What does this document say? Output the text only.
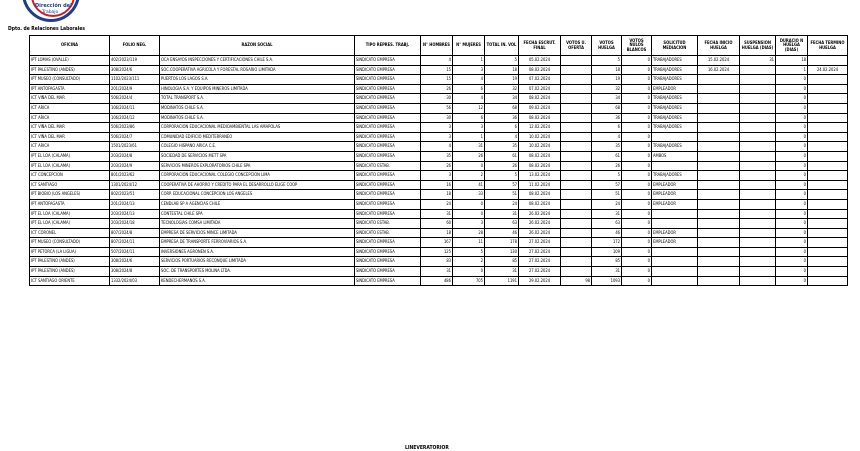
Dirección del
Trabajo
Dpto. de Relaciones Laborales
OFICINA	FOLIO NEG.	RAZON SOCIAL	TIPO REPRES. TRABJ.	N° HOMBRES	N° MUJERES	TOTAL IN. VOL	FECHA ESCRUT. FINAL	VOTOS U. OFERTA	VOTOS HUELGA	VOTOS NULOS BLANCOS	SOLICITUD MEDIACION	FECHA INICIO HUELGA	SUSPENSION HUELGA (DIAS)	DURACIO N HUELGA (DIAS)	FECHA TERMINO HUELGA
IPT LOMAS (OVALLE)	402/2023/119	OCA ENSAYOS INSPECCIONES Y CERTIFICACIONES CHILE S.A.	SINDICATO EMPRESA	4	1	5	05.02.2024		5	0	TRABAJADORES	15.02.2024	31	18	
IPT PALESTINO (ANDES)	308/2024/6	SOC.COOPERATIVA AGRICOLA Y FORESTAL ROSARIO LIMITADA	SINDICATO EMPRESA	15	3	18	08.02.2024		18	0	TRABAJADORES	16.02.2024		1	24.02.2024
IPT MUSEO (CONSULTADO)	1102/2023/111	PUERTOS LOS LAGOS S.A.	SINDICATO EMPRESA	15	4	19	07.02.2024		19	0	TRABAJADORES			0	
IPT ANTOFAGASTA	201/2024/9	HINOLOGIA S.A. Y EQUIPOS MINEROS LIMITADA	SINDICATO EMPRESA	26	6	32	07.02.2024		32	0	EMPLEADOR			0	
ICT VIÑA DEL MAR	506/2024/4	TOTAL TRANSPORT S.A.	SINDICATO EMPRESA	30	4	34	08.02.2024		34	0	TRABAJADORES			0	
ICT ARICA	106/2024/11	MODINATOS CHILE S.A.	SINDICATO EMPRESA	56	12	68	09.02.2024		68	0	TRABAJADORES			0	
ICT ARICA	106/2024/12	MODINATOS CHILE S.A.	SINDICATO EMPRESA	30	6	36	08.02.2024		36	0	TRABAJADORES			0	
ICT VIÑA DEL MAR	506/2023/86	CORPORACION EDUCACIONAL MEDIOAMBIENTAL LAS AMAPOLAS	SINDICATO EMPRESA	3	3	6	12.02.2024		6	0	TRABAJADORES			0	
ICT VIÑA DEL MAR	506/2024/7	COMUNIDAD EDIFICIO MEDITERRANEO	SINDICATO EMPRESA	3	1	4	10.02.2024		4	0				0	
ICT ARICA	1501/2023/61	COLEGIO HISPANO ARICA C.E.	SINDICATO EMPRESA	4	31	35	10.02.2024		35	0	TRABAJADORES			0	
IPT EL LOA (CALAMA)	203/2024/8	SOCIEDAD DE SERVICIOS METT SPA	SINDICATO EMPRESA	35	26	61	08.02.2024		61	0	AMBOS			0	
IPT EL LOA (CALAMA)	203/2024/9	SERVICIOS MINEROS EXPLORATORIOS CHILE SPA	SINDICATO ESTAB.	26	0	26	08.02.2024		26	0				0	
ICT CONCEPCION	801/2023/62	CORPORACION EDUCACIONAL COLEGIO CONCEPCION LIMA	SINDICATO EMPRESA	3	2	5	13.02.2024		5	0	TRABAJADORES			0	
ICT SANTIAGO	1301/2024/12	COOPERATIVA DE AHORRO Y CREDITO PARA EL DESARROLLO ELIGE COOP	SINDICATO EMPRESA	16	41	57	11.02.2024		57	0	EMPLEADOR			0	
IPT BIOBIO (LOS ANGELES)	802/2023/51	CORP. EDUCACIONAL CONCEPCION LOS ANGELES	SINDICATO EMPRESA	18	33	51	08.02.2024		51	0	EMPLEADOR			0	
IPT ANTOFAGASTA	201/2024/13	CENDLAB SP A AGENCIAS CHILE	SINDICATO EMPRESA	24	0	24	08.02.2024		24	0	EMPLEADOR			0	
IPT EL LOA (CALAMA)	203/2024/13	CONTESTAL CHILE SPA	SINDICATO EMPRESA	31	0	31	26.02.2024		31	0				0	
IPT EL LOA (CALAMA)	203/2024/18	TECNOLOGIAS COMSA LIMITADA	SINDICATO ESTAB.	60	3	63	26.02.2024		63	0				0	
ICT CORONEL	807/2024/8	EMPRESA DE SERVICIOS MINCE LIMITADA	SINDICATO ESTAB.	18	28	46	26.02.2024		46	0	EMPLEADOR			0	
IPT MUSEO (CONSULTADO)	807/2024/11	EMPRESA DE TRANSPORTE FERROVIARIOS S.A.	SINDICATO EMPRESA	167	11	178	27.02.2024		172	0	EMPLEADOR			0	
IPT PETORCA (LA LIGUA)	507/2024/11	INVERSIONES AGRONEN S.A.	SINDICATO EMPRESA	125	5	130	27.02.2024		109	0				0	
IPT PALESTINO (ANDES)	308/2024/6	SERVICIOS PORTUARIOS RECONQUE LIMITADA	SINDICATO EMPRESA	83	2	85	27.02.2024		85	0				0	
IPT PALESTINO (ANDES)	308/2024/8	SOC. DE TRANSPORTES MOLINA LTDA.	SINDICATO EMPRESA	31	0	31	27.02.2024		31	0				0	
ICT SANTIAGO ORIENTE	1332/2024/03	KENDECHERMANOS S.A.	SINDICATO EMPRESA	486	705	1191	29.02.2024	98	1093	0				0	
LINEVERATORIOR
